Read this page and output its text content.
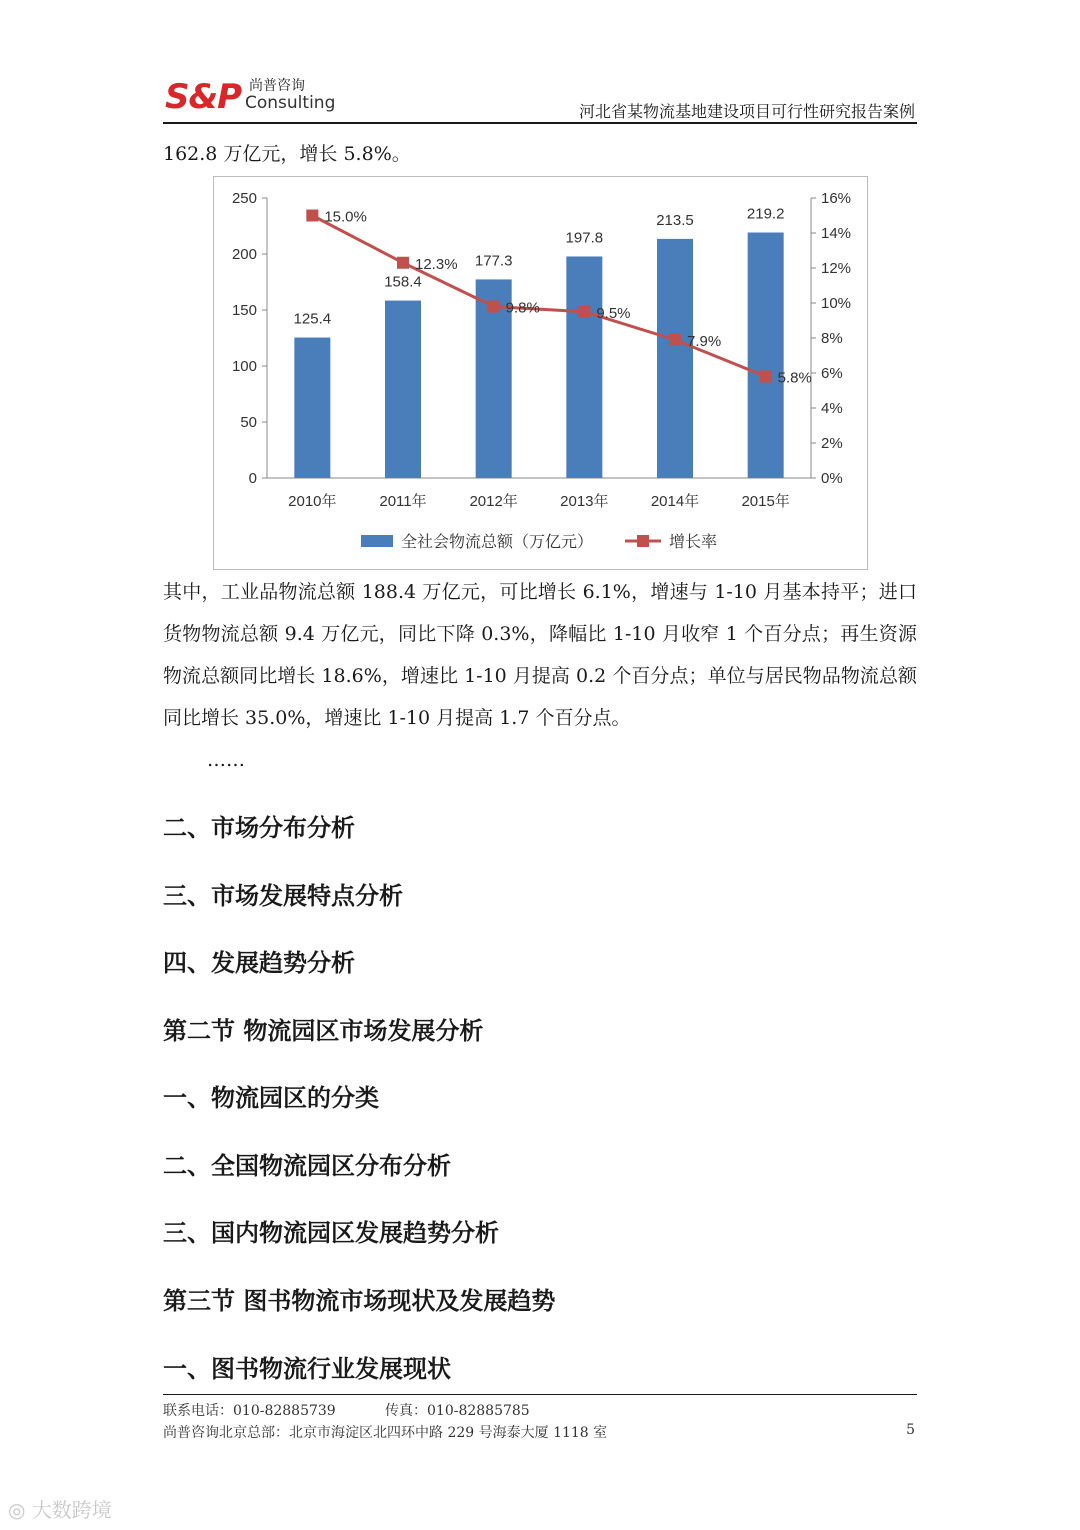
S&P 尚普咨询
Consulting	河北省某物流基地建设项目可行性研究报告案例
162.8 万亿元，增长 5.8%。
0
50
100
150
200
250
0%
2%
4%
6%
8%
10%
12%
14%
16%
125.4
2010年
158.4
2011年
177.3
2012年
197.8
2013年
213.5
2014年
219.2
2015年
15.0%
12.3%
9.8%	9.5%
7.9%
5.8%
全社会物流总额（万亿元）	增长率
其中，工业品物流总额 188.4 万亿元，可比增长 6.1%，增速与 1-10 月基本持平；进口货物物流总额 9.4 万亿元，同比下降 0.3%，降幅比 1-10 月收窄 1 个百分点；再生资源物流总额同比增长 18.6%，增速比 1-10 月提高 0.2 个百分点；单位与居民物品物流总额同比增长 35.0%，增速比 1-10 月提高 1.7 个百分点。
……
二、市场分布分析
三、市场发展特点分析
四、发展趋势分析
第二节 物流园区市场发展分析
一、物流园区的分类
二、全国物流园区分布分析
三、国内物流园区发展趋势分析
第三节 图书物流市场现状及发展趋势
一、图书物流行业发展现状
联系电话：010-82885739	传真：010-82885785
尚普咨询北京总部：北京市海淀区北四环中路 229 号海泰大厦 1118 室	5
◎ 大数跨境
